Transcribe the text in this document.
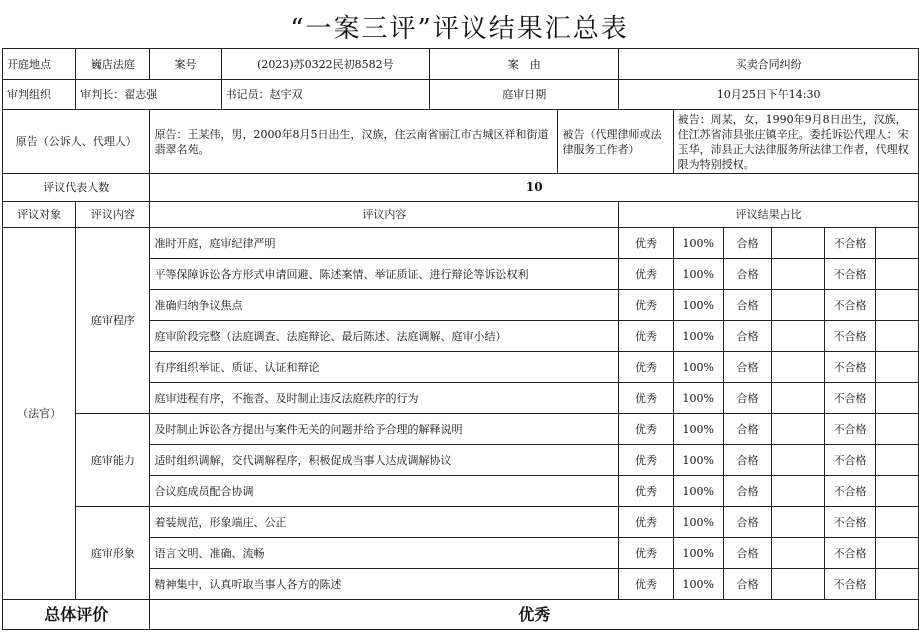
“一案三评”评议结果汇总表
开庭地点	巍店法庭	案号	(2023)苏0322民初8582号	案　由		买卖合同纠纷					
审判组织	审判长：翟志强		书记员：赵宇双	庭审日期		10月25日下午14:30					
原告（公诉人、代理人）		原告：王某伟，男，2000年8月5日出生，汉族，住云南省丽江市古城区祥和街道翡翠名苑。			被告（代理律师或法律服务工作者）		被告：周某，女，1990年9月8日出生，汉族，住江苏省沛县张庄镇辛庄。委托诉讼代理人：宋玉华，沛县正大法律服务所法律工作者，代理权限为特别授权。				
评议代表人数		10									
评议对象	评议内容	评议内容				评议结果占比					
（法官）	庭审程序	准时开庭，庭审纪律严明				优秀	100%	合格		不合格	
		平等保障诉讼各方形式申请回避、陈述案情、举证质证、进行辩论等诉讼权利				优秀	100%	合格		不合格	
		准确归纳争议焦点				优秀	100%	合格		不合格	
		庭审阶段完整（法庭调查、法庭辩论、最后陈述、法庭调解、庭审小结）				优秀	100%	合格		不合格	
		有序组织举证、质证、认证和辩论				优秀	100%	合格		不合格	
		庭审进程有序，不拖沓、及时制止违反法庭秩序的行为				优秀	100%	合格		不合格	
	庭审能力	及时制止诉讼各方提出与案件无关的问题并给予合理的解释说明				优秀	100%	合格		不合格	
		适时组织调解，交代调解程序，积极促成当事人达成调解协议				优秀	100%	合格		不合格	
		合议庭成员配合协调				优秀	100%	合格		不合格	
	庭审形象	着装规范，形象端庄、公正				优秀	100%	合格		不合格	
		语言文明、准确、流畅				优秀	100%	合格		不合格	
		精神集中，认真听取当事人各方的陈述				优秀	100%	合格		不合格	
总体评价		优秀									
